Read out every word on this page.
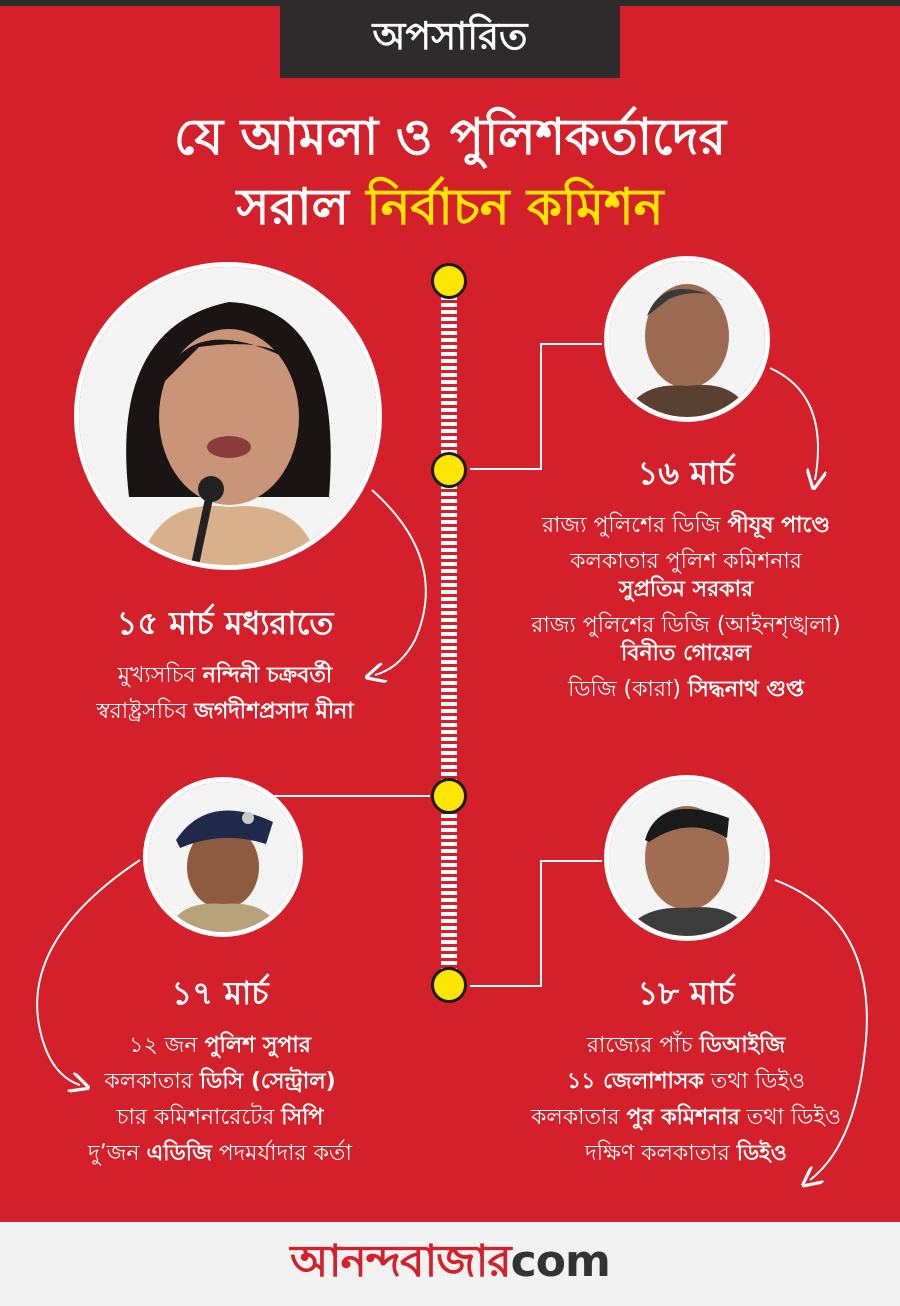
অপসারিত
যে আমলা ও পুলিশকর্তাদের
সরাল নির্বাচন কমিশন
১৫ মার্চ মধ্যরাতে
মুখ্যসচিব নন্দিনী চক্রবর্তী
স্বরাষ্ট্রসচিব জগদীশপ্রসাদ মীনা
১৬ মার্চ
রাজ্য পুলিশের ডিজি পীযূষ পাণ্ডে
কলকাতার পুলিশ কমিশনার
সুপ্রতিম সরকার
রাজ্য পুলিশের ডিজি (আইনশৃঙ্খলা)
বিনীত গোয়েল
ডিজি (কারা) সিদ্ধনাথ গুপ্ত
১৭ মার্চ
১২ জন পুলিশ সুপার
কলকাতার ডিসি (সেন্ট্রাল)
চার কমিশনারেটের সিপি
দু’জন এডিজি পদমর্যাদার কর্তা
১৮ মার্চ
রাজ্যের পাঁচ ডিআইজি
১১ জেলাশাসক তথা ডিইও
কলকাতার পুর কমিশনার তথা ডিইও
দক্ষিণ কলকাতার ডিইও
আনন্দবাজারcom
